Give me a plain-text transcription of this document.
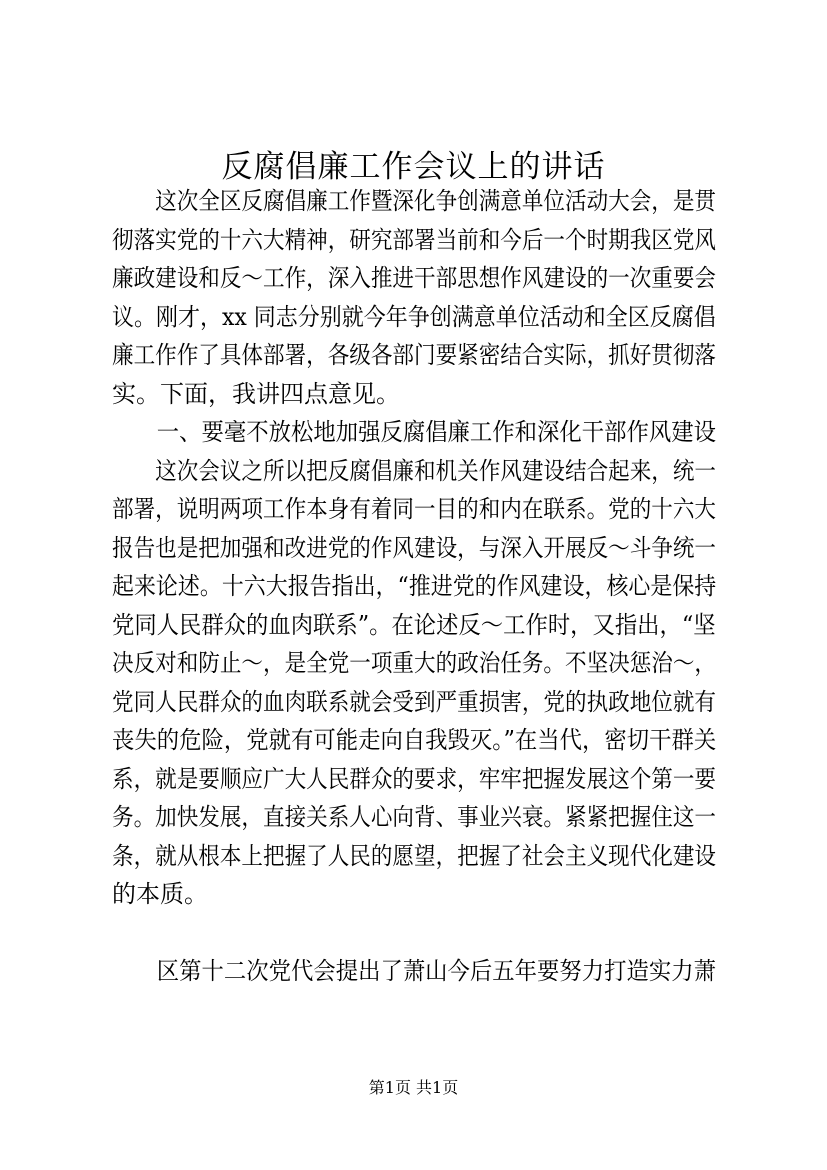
反腐倡廉工作会议上的讲话
　　这次全区反腐倡廉工作暨深化争创满意单位活动大会，是贯
彻落实党的十六大精神，研究部署当前和今后一个时期我区党风
廉政建设和反～工作，深入推进干部思想作风建设的一次重要会
议。刚才，xx 同志分别就今年争创满意单位活动和全区反腐倡
廉工作作了具体部署，各级各部门要紧密结合实际，抓好贯彻落
实。下面，我讲四点意见。
　　一、要毫不放松地加强反腐倡廉工作和深化干部作风建设
　　这次会议之所以把反腐倡廉和机关作风建设结合起来，统一
部署，说明两项工作本身有着同一目的和内在联系。党的十六大
报告也是把加强和改进党的作风建设，与深入开展反～斗争统一
起来论述。十六大报告指出，“推进党的作风建设，核心是保持
党同人民群众的血肉联系”。在论述反～工作时，又指出，“坚
决反对和防止～，是全党一项重大的政治任务。不坚决惩治～，
党同人民群众的血肉联系就会受到严重损害，党的执政地位就有
丧失的危险，党就有可能走向自我毁灭。”在当代，密切干群关
系，就是要顺应广大人民群众的要求，牢牢把握发展这个第一要
务。加快发展，直接关系人心向背、事业兴衰。紧紧把握住这一
条，就从根本上把握了人民的愿望，把握了社会主义现代化建设
的本质。
　　区第十二次党代会提出了萧山今后五年要努力打造实力萧
第1页 共1页
